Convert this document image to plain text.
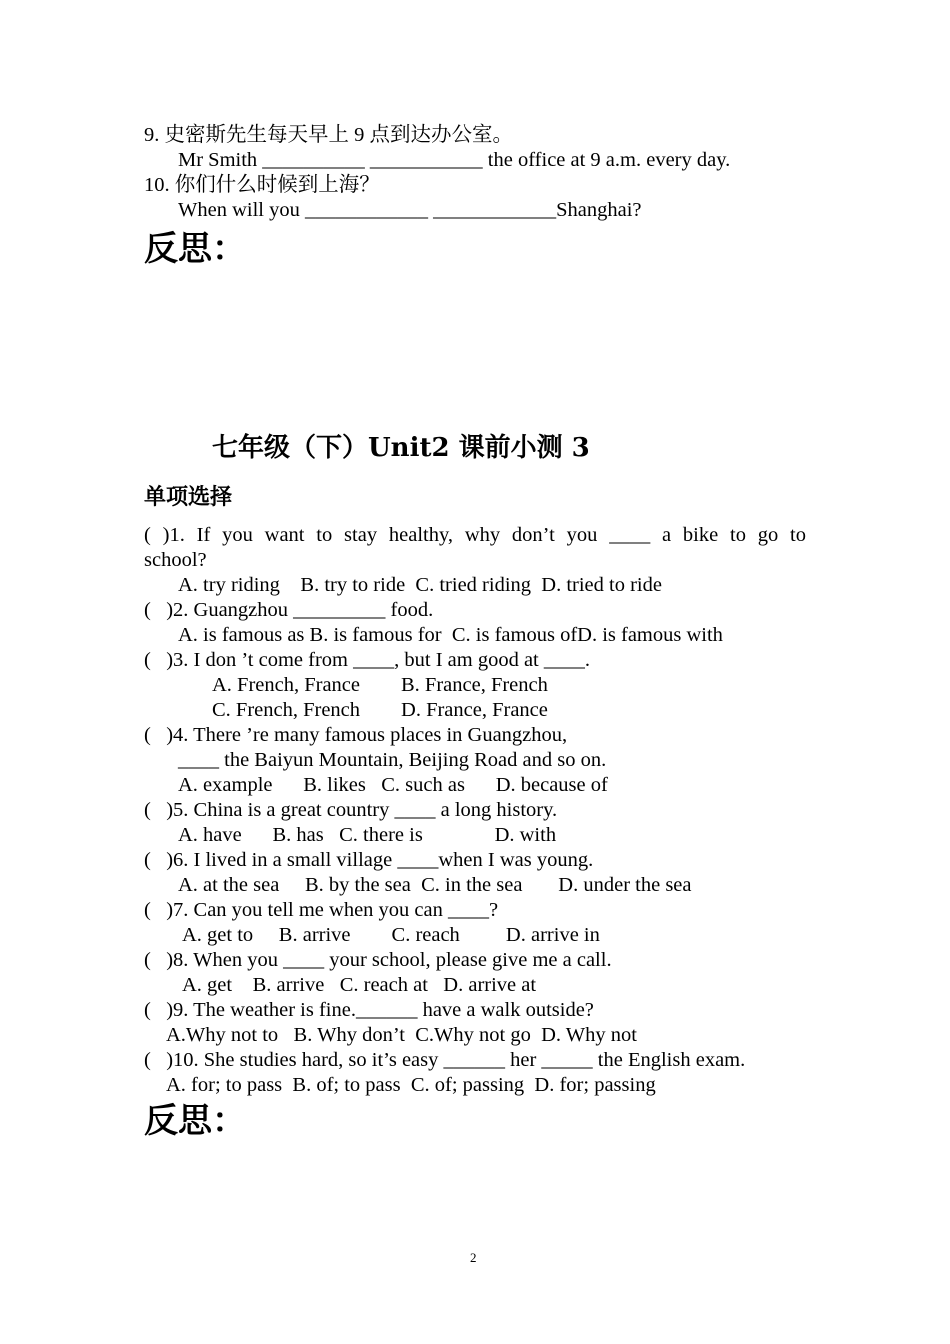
9. 史密斯先生每天早上 9 点到达办公室。
Mr Smith __________ ___________ the office at 9 a.m. every day.
10. 你们什么时候到上海？
When will you ____________ ____________Shanghai?
反思：
七年级（下）Unit2 课前小测 3
单项选择
( )1. If you want to stay healthy, why don’t you ____ a bike to go to
school?
A. try riding    B. try to ride  C. tried riding  D. tried to ride
(   )2. Guangzhou _________ food.
A. is famous as B. is famous for  C. is famous ofD. is famous with
(   )3. I don ’t come from ____, but I am good at ____.
A. French, France        B. France, French
C. French, French        D. France, France
(   )4. There ’re many famous places in Guangzhou,
____ the Baiyun Mountain, Beijing Road and so on.
A. example      B. likes   C. such as      D. because of
(   )5. China is a great country ____ a long history.
A. have      B. has   C. there is              D. with
(   )6. I lived in a small village ____when I was young.
A. at the sea     B. by the sea  C. in the sea       D. under the sea
(   )7. Can you tell me when you can ____?
A. get to     B. arrive        C. reach         D. arrive in
(   )8. When you ____ your school, please give me a call.
A. get    B. arrive   C. reach at   D. arrive at
(   )9. The weather is fine.______ have a walk outside?
A.Why not to   B. Why don’t  C.Why not go  D. Why not
(   )10. She studies hard, so it’s easy ______ her _____ the English exam.
A. for; to pass  B. of; to pass  C. of; passing  D. for; passing
反思：
2
